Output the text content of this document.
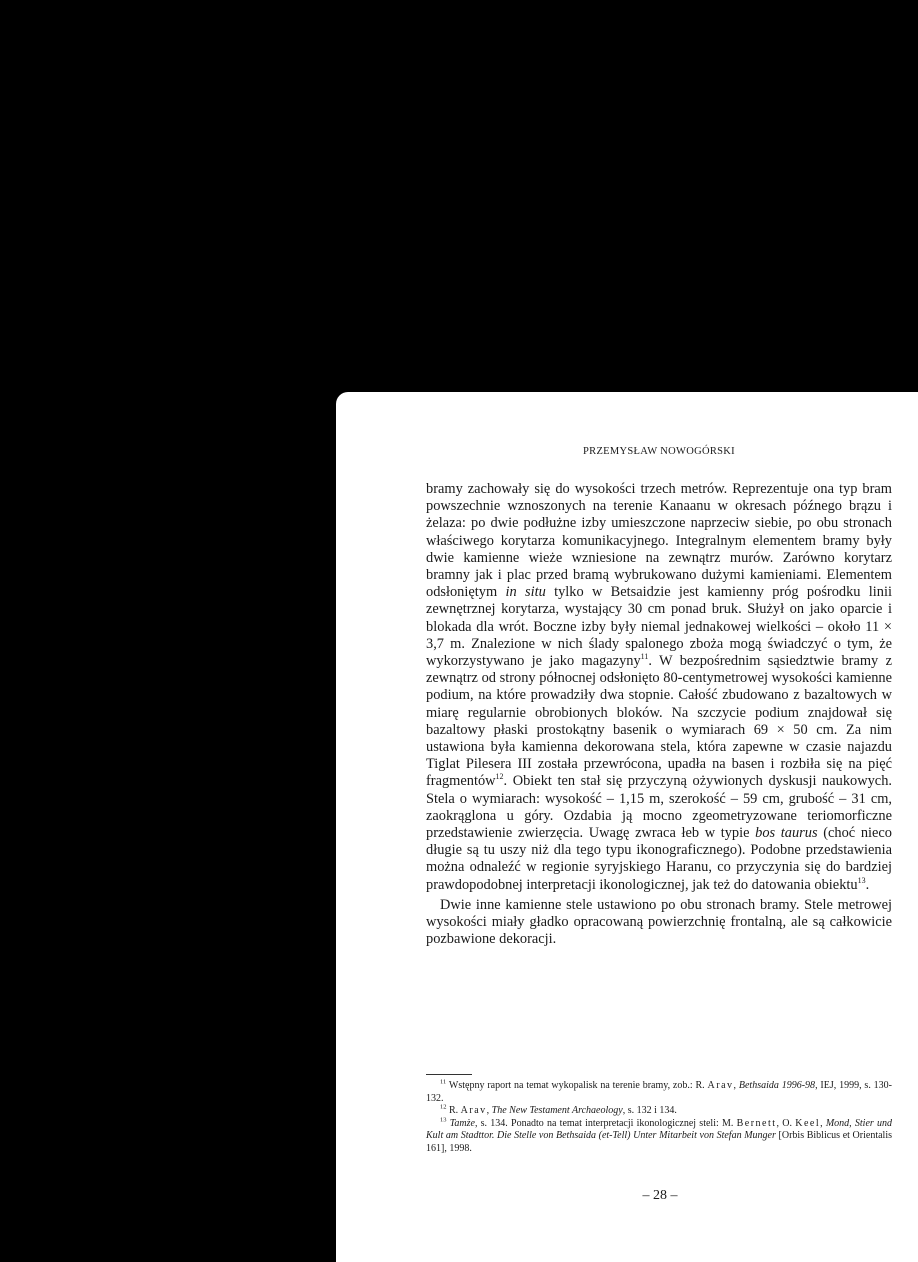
PRZEMYSŁAW NOWOGÓRSKI

bramy zachowały się do wysokości trzech metrów. Reprezentuje ona typ bram powszechnie wznoszonych na terenie Kanaanu w okresach późnego brązu i żelaza: po dwie podłużne izby umieszczone naprzeciw siebie, po obu stronach właściwego korytarza komunikacyjnego. Integralnym elementem bramy były dwie kamienne wieże wzniesione na zewnątrz murów. Zarówno korytarz bramny jak i plac przed bramą wybrukowano dużymi kamieniami. Elementem odsłoniętym in situ tylko w Betsaidzie jest kamienny próg pośrodku linii zewnętrznej korytarza, wystający 30 cm ponad bruk. Służył on jako oparcie i blokada dla wrót. Boczne izby były niemal jednakowej wielkości – około 11 × 3,7 m. Znalezione w nich ślady spalonego zboża mogą świadczyć o tym, że wykorzystywano je jako magazyny$^{11}$. W bezpośrednim sąsiedztwie bramy z zewnątrz od strony północnej odsłonięto 80-centymetrowej wysokości kamienne podium, na które prowadziły dwa stopnie. Całość zbudowano z bazaltowych w miarę regularnie obrobionych bloków. Na szczycie podium znajdował się bazaltowy płaski prostokątny basenik o wymiarach 69 × 50 cm. Za nim ustawiona była kamienna dekorowana stela, która zapewne w czasie najazdu Tiglat Pilesera III została przewrócona, upadła na basen i rozbiła się na pięć fragmentów$^{12}$. Obiekt ten stał się przyczyną ożywionych dyskusji naukowych. Stela o wymiarach: wysokość – 1,15 m, szerokość – 59 cm, grubość – 31 cm, zaokrąglona u góry. Ozdabia ją mocno zgeometryzowane teriomorficzne przedstawienie zwierzęcia. Uwagę zwraca łeb w typie bos taurus (choć nieco długie są tu uszy niż dla tego typu ikonograficznego). Podobne przedstawienia można odnaleźć w regionie syryjskiego Haranu, co przyczynia się do bardziej prawdopodobnej interpretacji ikonologicznej, jak też do datowania obiektu$^{13}$.

Dwie inne kamienne stele ustawiono po obu stronach bramy. Stele metrowej wysokości miały gładko opracowaną powierzchnię frontalną, ale są całkowicie pozbawione dekoracji.

$^{11}$ Wstępny raport na temat wykopalisk na terenie bramy, zob.: R. Arav, Bethsaida 1996-98, IEJ, 1999, s. 130-132.

$^{12}$ R. Arav, The New Testament Archaeology, s. 132 i 134.

$^{13}$ Tamże, s. 134. Ponadto na temat interpretacji ikonologicznej steli: M. Bernett, O. Keel, Mond, Stier und Kult am Stadttor. Die Stelle von Bethsaida (et-Tell) Unter Mitarbeit von Stefan Munger [Orbis Biblicus et Orientalis 161], 1998.

– 28 –
